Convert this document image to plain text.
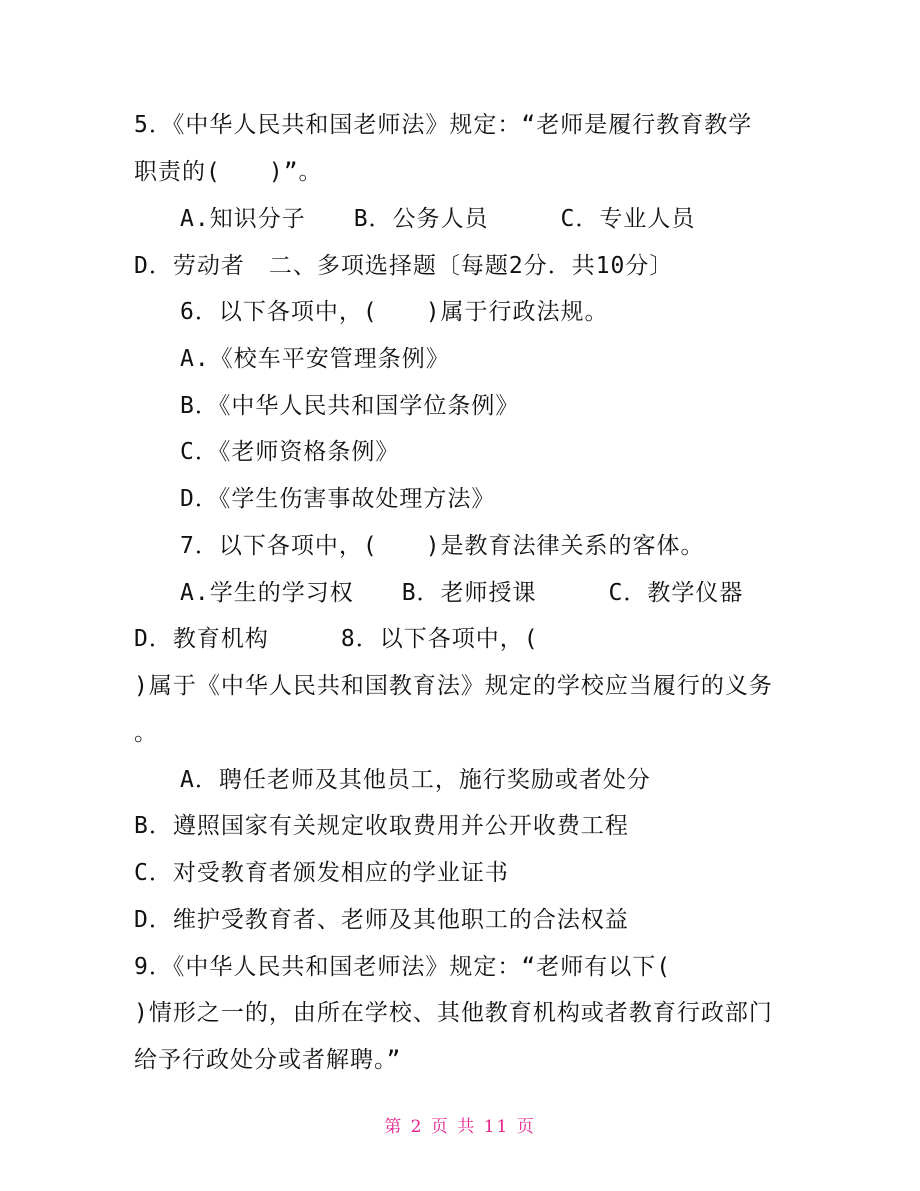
5．《中华人民共和国老师法》规定：“老师是履行教育教学
职责的(　　)”。
A.知识分子　　B．公务人员　　　C．专业人员
D．劳动者　二、多项选择题〔每题2分．共10分〕
6．以下各项中，(　　)属于行政法规。
A.《校车平安管理条例》
B．《中华人民共和国学位条例》
C．《老师资格条例》
D．《学生伤害事故处理方法》
7．以下各项中，(　　)是教育法律关系的客体。
A.学生的学习权　　B．老师授课　　　C．教学仪器
D．教育机构　　　8．以下各项中，(
)属于《中华人民共和国教育法》规定的学校应当履行的义务
。
A．聘任老师及其他员工，施行奖励或者处分
B．遵照国家有关规定收取费用并公开收费工程
C．对受教育者颁发相应的学业证书
D．维护受教育者、老师及其他职工的合法权益
9．《中华人民共和国老师法》规定：“老师有以下(
)情形之一的，由所在学校、其他教育机构或者教育行政部门
给予行政处分或者解聘。”
第 2 页 共 11 页
